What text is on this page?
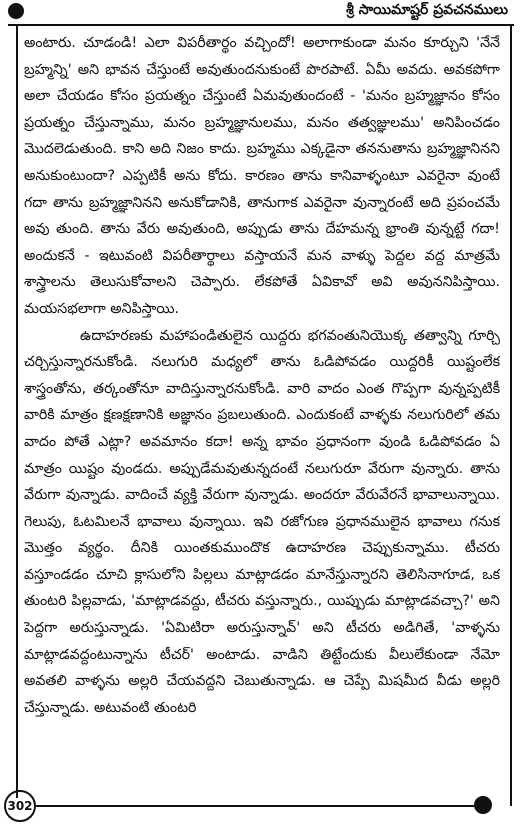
శ్రీ సాయిమాష్టర్ ప్రవచనములు

అంటారు. చూడండి! ఎలా విపరీతార్థం వచ్చిందో! అలాగాకుండా మనం కూర్చుని 'నేనే బ్రహ్మన్ని' అని భావన చేస్తుంటే అవుతుందనుకుంటే పొరపాటే. ఏమీ అవదు. అవకపోగా అలా చేయడం కోసం ప్రయత్నం చేస్తుంటే ఏమవుతుందంటే - 'మనం బ్రహ్మజ్ఞానం కోసం ప్రయత్నం చేస్తున్నాము, మనం బ్రహ్మజ్ఞానులము, మనం తత్వజ్ఞులము' అనిపించడం మొదలెడుతుంది. కాని అది నిజం కాదు. బ్రహ్మము ఎక్కడైనా తననుతాను బ్రహ్మజ్ఞానినని అనుకుంటుందా? ఎప్పటికీ అను కోదు. కారణం తాను కానివాళ్ళంటూ ఎవరైనా వుంటే గదా తాను బ్రహ్మజ్ఞానినని అనుకోడానికి, తానుగాక ఎవరైనా వున్నారంటే అది ప్రపంచమే అవు తుంది. తాను వేరు అవుతుంది, అప్పుడు తాను దేహమన్న భ్రాంతి వున్నట్టే గదా! అందుకనే - ఇటువంటి విపరీతార్థాలు వస్తాయనే మన వాళ్ళు పెద్దల వద్ద మాత్రమే శాస్త్రాలను తెలుసుకోవాలని చెప్పారు. లేకపోతే ఏవికావో అవి అవుననిపిస్తాయి. మయసభలాగా అనిపిస్తాయి.

ఉదాహరణకు మహాపండితులైన యిద్దరు భగవంతునియొక్క తత్వాన్ని గూర్చి చర్చిస్తున్నారనుకోండి. నలుగురి మధ్యలో తాను ఓడిపోవడం యిద్దరికీ యిష్టంలేక శాస్త్రంతోను, తర్కంతోనూ వాదిస్తున్నారనుకోండి. వారి వాదం ఎంత గొప్పగా వున్నప్పటికీ వారికి మాత్రం క్షణక్షణానికి అజ్ఞానం ప్రబలుతుంది. ఎందుకంటే వాళ్ళకు నలుగురిలో తమ వాదం పోతే ఎట్లా? అవమానం కదా! అన్న భావం ప్రధానంగా వుండి ఓడిపోవడం ఏ మాత్రం యిష్టం వుండదు. అప్పుడేమవుతున్నదంటే నలుగురూ వేరుగా వున్నారు. తాను వేరుగా వున్నాడు. వాదించే వ్యక్తి వేరుగా వున్నాడు. అందరూ వేరువేరనే భావాలున్నాయి. గెలుపు, ఓటమిలనే భావాలు వున్నాయి. ఇవి రజోగుణ ప్రధానములైన భావాలు గనుక మొత్తం వ్యర్థం. దీనికి యింతకుముందొక ఉదాహరణ చెప్పుకున్నాము. టీచరు వస్తూండడం చూచి క్లాసులోని పిల్లలు మాట్లాడడం మానేస్తున్నారని తెలిసినాగూడ, ఒక తుంటరి పిల్లవాడు, 'మాట్లాడవద్దు, టీచరు వస్తున్నారు., యిప్పుడు మాట్లాడవచ్చా?' అని పెద్దగా అరుస్తున్నాడు. 'ఏమిటిరా అరుస్తున్నావ్' అని టీచరు అడిగితే, 'వాళ్ళను మాట్లాడవద్దంటున్నాను టీచర్' అంటాడు. వాడిని తిట్టేందుకు వీలులేకుండా నేమో అవతలి వాళ్ళను అల్లరి చేయవద్దని చెబుతున్నాడు. ఆ చెప్పే మిషమీద వీడు అల్లరి చేస్తున్నాడు. అటువంటి తుంటరి

302
